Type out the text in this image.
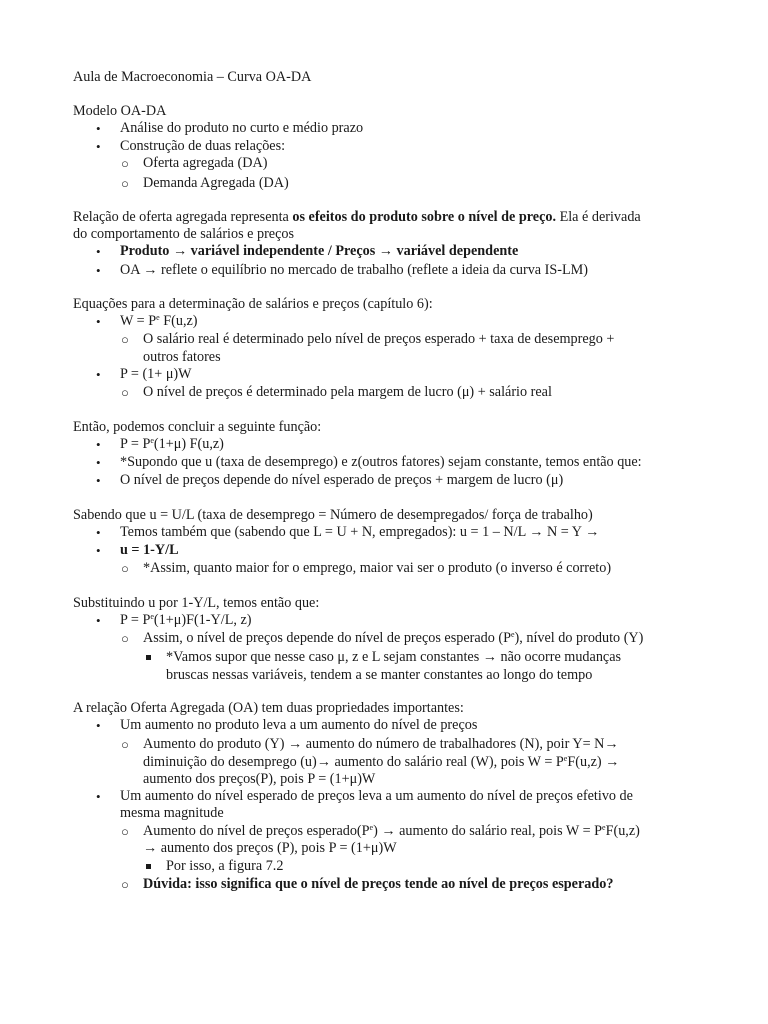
Aula de Macroeconomia – Curva OA-DA
Modelo OA-DA
• Análise do produto no curto e médio prazo
• Construção de duas relações:
○ Oferta agregada (DA)
○ Demanda Agregada (DA)
Relação de oferta agregada representa os efeitos do produto sobre o nível de preço. Ela é derivada
do comportamento de salários e preços
• Produto → variável independente / Preços → variável dependente
• OA → reflete o equilíbrio no mercado de trabalho (reflete a ideia da curva IS-LM)
Equações para a determinação de salários e preços (capítulo 6):
• $W = P^e$ F(u,z)
○ O salário real é determinado pelo nível de preços esperado + taxa de desemprego +
outros fatores
• P = (1+ μ)W
○ O nível de preços é determinado pela margem de lucro (μ) + salário real
Então, podemos concluir a seguinte função:
• $P = P^e(1+\mu)$ F(u,z)
• *Supondo que u (taxa de desemprego) e z(outros fatores) sejam constante, temos então que:
• O nível de preços depende do nível esperado de preços + margem de lucro (μ)
Sabendo que u = U/L (taxa de desemprego = Número de desempregados/ força de trabalho)
• Temos também que (sabendo que L = U + N, empregados): u = 1 – N/L → N = Y →
• u = 1-Y/L
○ *Assim, quanto maior for o emprego, maior vai ser o produto (o inverso é correto)
Substituindo u por 1-Y/L, temos então que:
• $P = P^e(1+\mu)F(1-Y/L$, z)
○ Assim, o nível de preços depende do nível de preços esperado $(P^e)$, nível do produto (Y)
*Vamos supor que nesse caso μ, z e L sejam constantes → não ocorre mudanças
bruscas nessas variáveis, tendem a se manter constantes ao longo do tempo
A relação Oferta Agregada (OA) tem duas propriedades importantes:
• Um aumento no produto leva a um aumento do nível de preços
○ Aumento do produto (Y) → aumento do número de trabalhadores (N), poir Y= N→
diminuição do desemprego (u)→ aumento do salário real (W), pois $W = P^eF(u,z)$ →
aumento dos preços(P), pois P = (1+μ)W
• Um aumento do nível esperado de preços leva a um aumento do nível de preços efetivo de
mesma magnitude
○ Aumento do nível de preços $esperado(P^e)$ → aumento do salário real, pois $W = P^eF(u,z)$
→ aumento dos preços (P), pois P = (1+μ)W
Por isso, a figura 7.2
○ Dúvida: isso significa que o nível de preços tende ao nível de preços esperado?
